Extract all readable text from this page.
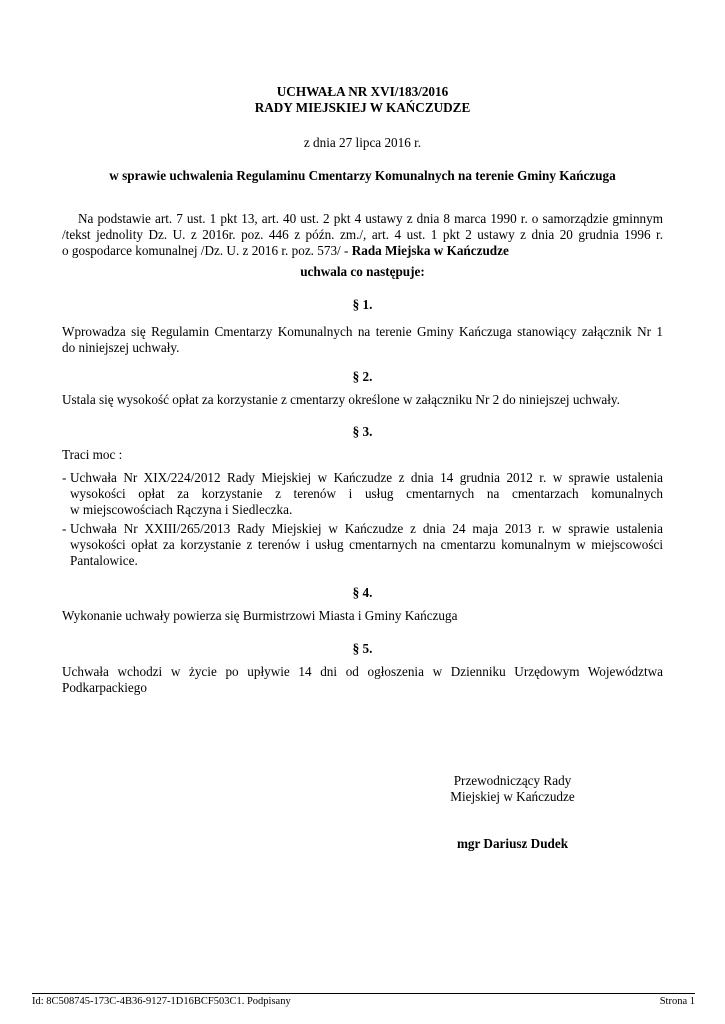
UCHWAŁA NR XVI/183/2016
RADY MIEJSKIEJ W KAŃCZUDZE
z dnia 27 lipca 2016 r.
w sprawie uchwalenia Regulaminu Cmentarzy Komunalnych na terenie Gminy Kańczuga
Na podstawie art. 7 ust. 1 pkt 13, art. 40 ust. 2 pkt 4 ustawy z dnia 8 marca 1990 r. o samorządzie gminnym
/tekst jednolity Dz. U. z 2016r. poz. 446 z późn. zm./, art. 4 ust. 1 pkt 2 ustawy z dnia 20 grudnia 1996 r.
o gospodarce komunalnej /Dz. U. z 2016 r. poz. 573/ - Rada Miejska w Kańczudze
uchwala co następuje:
§ 1.
Wprowadza się Regulamin Cmentarzy Komunalnych na terenie Gminy Kańczuga stanowiący załącznik Nr 1
do niniejszej uchwały.
§ 2.
Ustala się wysokość opłat za korzystanie z cmentarzy określone w załączniku Nr 2 do niniejszej uchwały.
§ 3.
Traci moc :
- Uchwała Nr XIX/224/2012 Rady Miejskiej w Kańczudze z dnia 14 grudnia 2012 r. w sprawie ustalenia
wysokości opłat za korzystanie z terenów i usług cmentarnych na cmentarzach komunalnych
w miejscowościach Rączyna i Siedleczka.
- Uchwała Nr XXIII/265/2013 Rady Miejskiej w Kańczudze z dnia 24 maja 2013 r. w sprawie ustalenia
wysokości opłat za korzystanie z terenów i usług cmentarnych na cmentarzu komunalnym w miejscowości
Pantalowice.
§ 4.
Wykonanie uchwały powierza się Burmistrzowi Miasta i Gminy Kańczuga
§ 5.
Uchwała wchodzi w życie po upływie 14 dni od ogłoszenia w Dzienniku Urzędowym Województwa
Podkarpackiego
Przewodniczący Rady
Miejskiej w Kańczudze
mgr Dariusz Dudek
Id: 8C508745-173C-4B36-9127-1D16BCF503C1. Podpisany	Strona 1
